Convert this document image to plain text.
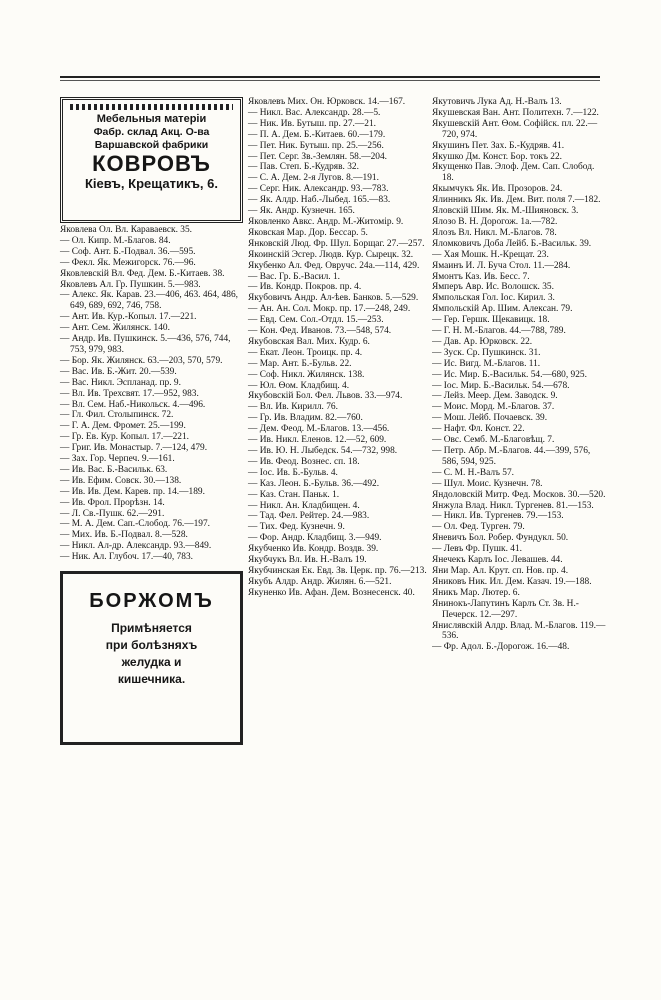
Мебельныя матеріи
Фабр. склад Акц. О-ва
Варшавской фабрики
КОВРОВЪ
Кіевъ, Крещатикъ, 6.
Яковлева Ол. Вл. Караваевск. 35.
— Ол. Кипр. М.-Благов. 84.
— Соф. Ант. Б.-Подвал. 36.—595.
— Фекл. Як. Межигорск. 76.—96.
Яковлевскій Вл. Фед. Дем. Б.-Китаев. 38.
Яковлевъ Ал. Гр. Пушкин. 5.—983.
— Алекс. Як. Карав. 23.—406, 463. 464, 486, 649, 689, 692, 746, 758.
— Ант. Ив. Кур.-Копыл. 17.—221.
— Ант. Сем. Жилянск. 140.
— Андр. Ив. Пушкинск. 5.—436, 576, 744, 753, 979, 983.
— Бор. Як. Жилянск. 63.—203, 570, 579.
— Вас. Ив. Б.-Жит. 20.—539.
— Вас. Никл. Эспланад. пр. 9.
— Вл. Ив. Трехсвят. 17.—952, 983.
— Вл. Сем. Наб.-Никольск. 4.—496.
— Гл. Фил. Столыпинск. 72.
— Г. А. Дем. Фромет. 25.—199.
— Гр. Ев. Кур. Копыл. 17.—221.
— Григ. Ив. Монастыр. 7.—124, 479.
— Зах. Гор. Черпеч. 9.—161.
— Ив. Вас. Б.-Васильк. 63.
— Ив. Ефим. Совск. 30.—138.
— Ив. Ив. Дем. Карев. пр. 14.—189.
— Ив. Фрол. Прорѣзн. 14.
— Л. Св.-Пушк. 62.—291.
— М. А. Дем. Сап.-Слобод. 76.—197.
— Мих. Ив. Б.-Подвал. 8.—528.
— Никл. Ал-др. Александр. 93.—849.
— Ник. Ал. Глубоч. 17.—40, 783.
БОРЖОМЪ
Примѣняется
при болѣзняхъ
желудка и
кишечника.
Яковлевъ Мих. Он. Юрковск. 14.—167.
— Никл. Вас. Александр. 28.—5.
— Ник. Ив. Бутыш. пр. 27.—21.
— П. А. Дем. Б.-Китаев. 60.—179.
— Пет. Ник. Бутыш. пр. 25.—256.
— Пет. Серг. Зв.-Землян. 58.—204.
— Пав. Степ. Б.-Кудряв. 32.
— С. А. Дем. 2-я Лугов. 8.—191.
— Серг. Ник. Александр. 93.—783.
— Як. Алдр. Наб.-Лыбед. 165.—83.
— Як. Андр. Кузнечн. 165.
Яковленко Авкс. Андр. М.-Житомір. 9.
Яковская Мар. Дор. Бессар. 5.
Янковскій Люд. Фр. Шул. Борщаг. 27.—257.
Якоинскій Эсгер. Людв. Кур. Сырецк. 32.
Якубенко Ал. Фед. Овручс. 24а.—114, 429.
— Вас. Гр. Б.-Васил. 1.
— Ив. Кондр. Покров. пр. 4.
Якубовичъ Андр. Ал-ѣев. Банков. 5.—529.
— Ан. Ан. Сол. Мокр. пр. 17.—248, 249.
— Евд. Сем. Сол.-Отдл. 15.—253.
— Кон. Фед. Иванов. 73.—548, 574.
Якубовская Вал. Мих. Кудр. 6.
— Екат. Леон. Троицк. пр. 4.
— Мар. Ант. Б.-Бульв. 22.
— Соф. Никл. Жилянск. 138.
— Юл. Ѳом. Кладбищ. 4.
Якубовскій Бол. Фел. Львов. 33.—974.
— Вл. Ив. Кирилл. 76.
— Гр. Ив. Владим. 82.—760.
— Дем. Феод. М.-Благов. 13.—456.
— Ив. Никл. Еленов. 12.—52, 609.
— Ив. Ю. Н. Лыбедск. 54.—732, 998.
— Ив. Феод. Вознес. сп. 18.
— Іос. Ив. Б.-Бульв. 4.
— Каз. Леон. Б.-Бульв. 36.—492.
— Каз. Стан. Паньк. 1.
— Никл. Ан. Кладбищен. 4.
— Тад. Фел. Рейтер. 24.—983.
— Тих. Фед. Кузнечн. 9.
— Фор. Андр. Кладбищ. 3.—949.
Якубченко Ив. Кондр. Воздв. 39.
Якубчукъ Вл. Ив. Н.-Валъ 19.
Якубчинская Ек. Евд. Зв. Церк. пр. 76.—213.
Якубъ Алдр. Андр. Жилян. 6.—521.
Якуненко Ив. Афан. Дем. Вознесенск. 40.
Якутовичъ Лука Ад. Н.-Валъ 13.
Якушевская Ван. Ант. Политехн. 7.—122.
Якушевскій Ант. Ѳом. Софійск. пл. 22.—720, 974.
Якушинъ Пет. Зах. Б.-Кудряв. 41.
Якушко Дм. Конст. Бор. токъ 22.
Якущенко Пав. Элоф. Дем. Сап. Слобод. 18.
Якымчукъ Як. Ив. Прозоров. 24.
Ялинникъ Як. Ив. Дем. Вит. поля 7.—182.
Яловскій Шим. Як. М.-Шияновск. 3.
Ялозо В. Н. Дорогож. 1а.—782.
Ялозъ Вл. Никл. М.-Благов. 78.
Яломковичъ Доба Лейб. Б.-Васильк. 39.
— Хая Мошк. Н.-Крещат. 23.
Ямаинъ И. Л. Буча Стол. 11.—284.
Ямонтъ Каз. Ив. Бесс. 7.
Ямперъ Авр. Ис. Волошск. 35.
Ямпольская Гол. Іос. Кирил. 3.
Ямпольскій Ар. Шим. Алексан. 79.
— Гер. Гершк. Щекавицк. 18.
— Г. Н. М.-Благов. 44.—788, 789.
— Дав. Ар. Юрковск. 22.
— Зуск. Ср. Пушкинск. 31.
— Ис. Вигд. М.-Благов. 11.
— Ис. Мир. Б.-Васильк. 54.—680, 925.
— Іос. Мир. Б.-Васильк. 54.—678.
— Лейз. Меер. Дем. Заводск. 9.
— Моис. Морд. М.-Благов. 37.
— Мош. Лейб. Почаевск. 39.
— Нафт. Фл. Конст. 22.
— Овс. Семб. М.-Благовѣщ. 7.
— Петр. Абр. М.-Благов. 44.—399, 576, 586, 594, 925.
— С. М. Н.-Валъ 57.
— Шул. Моис. Кузнечн. 78.
Яндоловскій Митр. Фед. Москов. 30.—520.
Янжула Влад. Никл. Тургенев. 81.—153.
— Никл. Ив. Тургенев. 79.—153.
— Ол. Фед. Турген. 79.
Яневичъ Бол. Робер. Фундукл. 50.
— Левъ Фр. Пушк. 41.
Янечекъ Карлъ Іос. Левашев. 44.
Яни Мар. Ал. Крут. сп. Нов. пр. 4.
Яниковъ Ник. Ил. Дем. Казач. 19.—188.
Яникъ Мар. Лютер. 6.
Янинокъ-Лапутинъ Карлъ Ст. Зв. Н.-Печерск. 12.—297.
Янислявскій Алдр. Влад. М.-Благов. 119.—536.
— Фр. Адол. Б.-Дорогож. 16.—48.
